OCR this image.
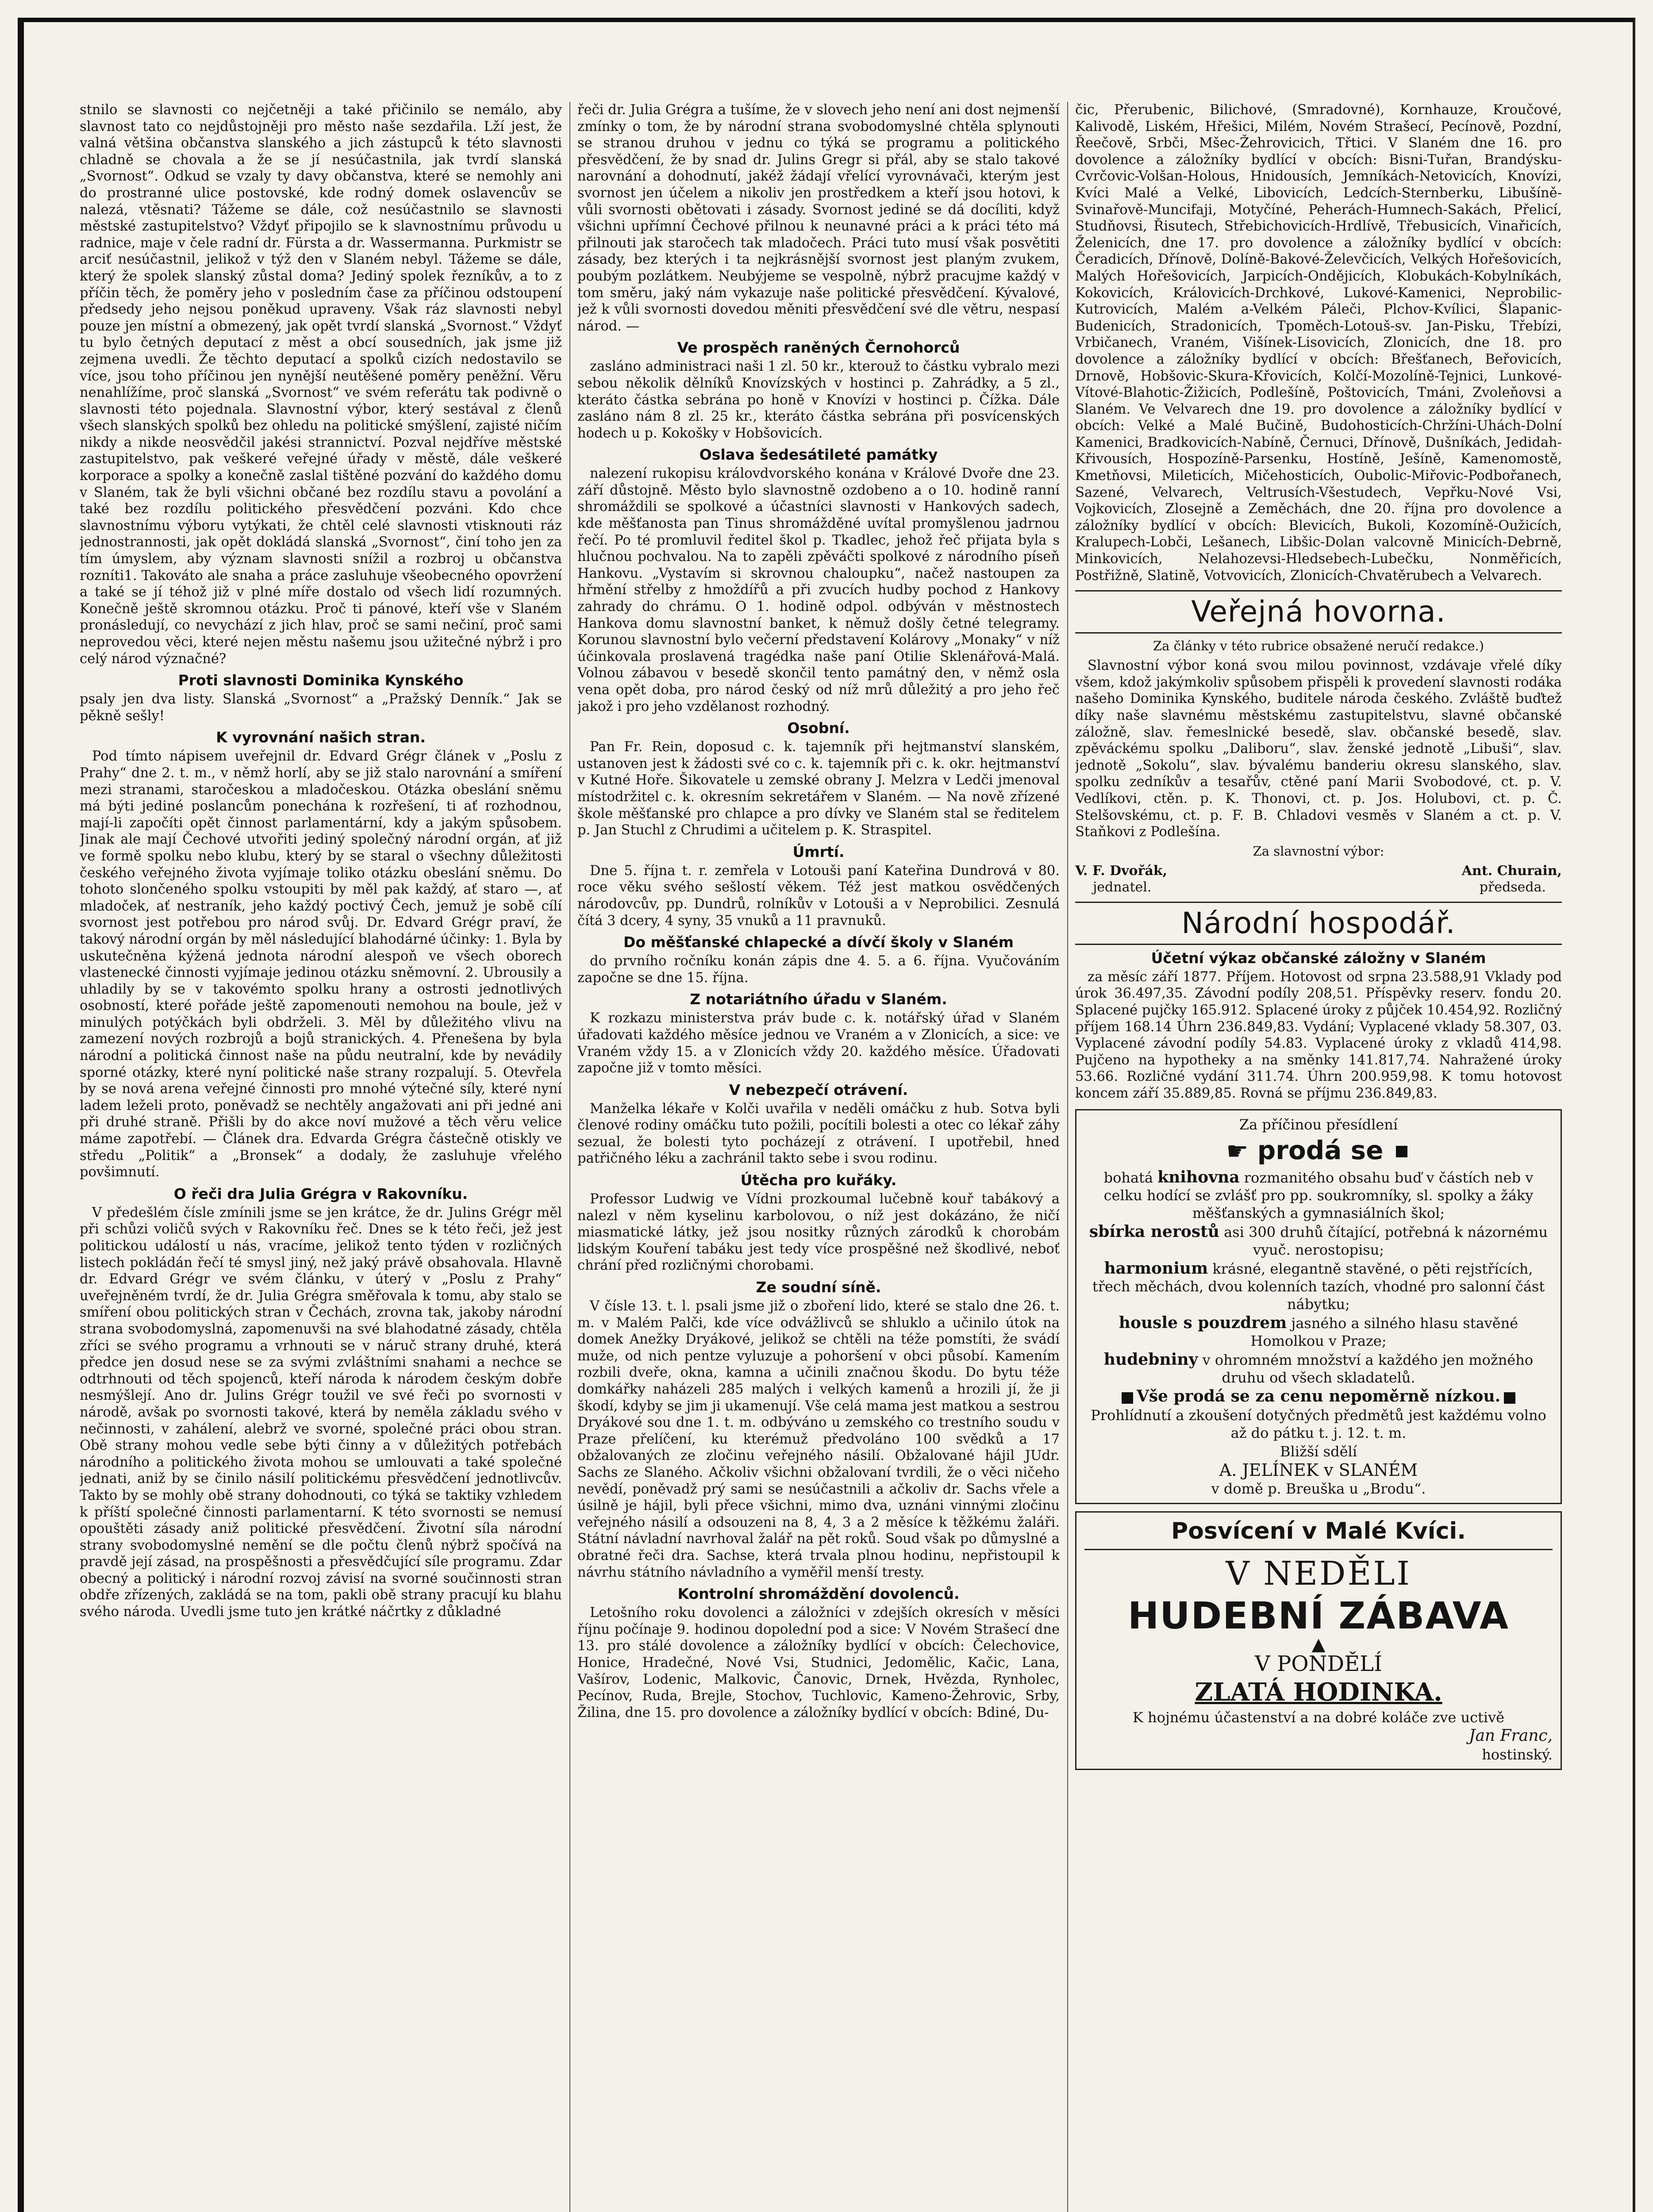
stnilo se slavnosti co nejčetněji a také přičinilo se nemálo, aby slavnost tato co nejdůstojněji pro město naše sezdařila. Lží jest, že valná většina občanstva slanského a jich zástupců k této slavnosti chladně se chovala a že se jí nesúčastnila, jak tvrdí slanská „Svornost“. Odkud se vzaly ty davy občanstva, které se nemohly ani do prostranné ulice postovské, kde rodný domek oslavencův se nalezá, vtěsnati? Tážeme se dále, což nesúčastnilo se slavnosti městské zastupitelstvo? Vždyť připojilo se k slavnostnímu průvodu u radnice, maje v čele radní dr. Fürsta a dr. Wassermanna. Purkmistr se arciť nesúčastnil, jelikož v týž den v Slaném nebyl. Tážeme se dále, který že spolek slanský zůstal doma? Jediný spolek řezníkův, a to z příčin těch, že poměry jeho v posledním čase za příčinou odstoupení předsedy jeho nejsou poněkud upraveny. Však ráz slavnosti nebyl pouze jen místní a obmezený, jak opět tvrdí slanská „Svornost.“ Vždyť tu bylo četných deputací z měst a obcí sousedních, jak jsme již zejmena uvedli. Že těchto deputací a spolků cizích nedostavilo se více, jsou toho příčinou jen nynější neutěšené poměry peněžní. Věru nenahlížíme, proč slanská „Svornost“ ve svém referátu tak podivně o slavnosti této pojednala. Slavnostní výbor, který sestával z členů všech slanských spolků bez ohledu na politické smýšlení, zajisté ničím nikdy a nikde neosvědčil jakési strannictví. Pozval nejdříve městské zastupitelstvo, pak veškeré veřejné úřady v městě, dále veškeré korporace a spolky a konečně zaslal tištěné pozvání do každého domu v Slaném, tak že byli všichni občané bez rozdílu stavu a povolání a také bez rozdílu politického přesvědčení pozváni. Kdo chce slavnostnímu výboru vytýkati, že chtěl celé slavnosti vtisknouti ráz jednostrannosti, jak opět dokládá slanská „Svornost“, činí toho jen za tím úmyslem, aby význam slavnosti snížil a rozbroj u občanstva rozníti1. Takováto ale snaha a práce zasluhuje všeobecného opovržení a také se jí téhož již v plné míře dostalo od všech lidí rozumných. Konečně ještě skromnou otázku. Proč ti pánové, kteří vše v Slaném pronásledují, co nevychází z jich hlav, proč se sami nečiní, proč sami neprovedou věci, které nejen městu našemu jsou užitečné nýbrž i pro celý národ význačné?

Proti slavnosti Dominika Kynského

psaly jen dva listy. Slanská „Svornost“ a „Pražský Denník.“ Jak se pěkně sešly!

K vyrovnání našich stran.

Pod tímto nápisem uveřejnil dr. Edvard Grégr článek v „Poslu z Prahy“ dne 2. t. m., v němž horlí, aby se již stalo narovnání a smíření mezi stranami, staročeskou a mladočeskou. Otázka obeslání sněmu má býti jediné poslancům ponechána k rozřešení, ti ať rozhodnou, mají-li započíti opět činnost parlamentární, kdy a jakým spůsobem. Jinak ale mají Čechové utvořiti jediný společný národní orgán, ať již ve formě spolku nebo klubu, který by se staral o všechny důležitosti českého veřejného života vyjímaje toliko otázku obeslání sněmu. Do tohoto slončeného spolku vstoupiti by měl pak každý, ať staro —, ať mladoček, ať nestraník, jeho každý poctivý Čech, jemuž je sobě cílí svornost jest potřebou pro národ svůj. Dr. Edvard Grégr praví, že takový národní orgán by měl následující blahodárné účinky: 1. Byla by uskutečněna kýžená jednota národní alespoň ve všech oborech vlastenecké činnosti vyjímaje jedinou otázku sněmovní. 2. Ubrousily a uhladily by se v takovémto spolku hrany a ostrosti jednotlivých osobností, které pořáde ještě zapomenouti nemohou na boule, jež v minulých potýčkách byli obdrželi. 3. Měl by důležitého vlivu na zamezení nových rozbrojů a bojů stranických. 4. Přenešena by byla národní a politická činnost naše na půdu neutralní, kde by nevádily sporné otázky, které nyní politické naše strany rozpalují. 5. Otevřela by se nová arena veřejné činnosti pro mnohé výtečné síly, které nyní ladem leželi proto, poněvadž se nechtěly angažovati ani při jedné ani při druhé straně. Přišli by do akce noví mužové a těch věru velice máme zapotřebí. — Článek dra. Edvarda Grégra částečně otiskly ve středu „Politik“ a „Bronsek“ a dodaly, že zasluhuje vřelého povšimnutí.

O řeči dra Julia Grégra v Rakovníku.

V předešlém čísle zmínili jsme se jen krátce, že dr. Julins Grégr měl při schůzi voličů svých v Rakovníku řeč. Dnes se k této řeči, jež jest politickou událostí u nás, vracíme, jelikož tento týden v rozličných listech pokládán řečí té smysl jiný, než jaký právě obsahovala. Hlavně dr. Edvard Grégr ve svém článku, v úterý v „Poslu z Prahy“ uveřejněném tvrdí, že dr. Julia Grégra směřovala k tomu, aby stalo se smíření obou politických stran v Čechách, zrovna tak, jakoby národní strana svobodomyslná, zapomenuvši na své blahodatné zásady, chtěla zříci se svého programu a vrhnouti se v náruč strany druhé, která předce jen dosud nese se za svými zvláštními snahami a nechce se odtrhnouti od těch spojenců, kteří národa k národem českým dobře nesmýšlejí. Ano dr. Julins Grégr toužil ve své řeči po svornosti v národě, avšak po svornosti takové, která by neměla základu svého v nečinnosti, v zahálení, alebrž ve svorné, společné práci obou stran. Obě strany mohou vedle sebe býti činny a v důležitých potřebách národního a politického života mohou se umlouvati a také společné jednati, aniž by se činilo násilí politickému přesvědčení jednotlivcův. Takto by se mohly obě strany dohodnouti, co týká se taktiky vzhledem k příští společné činnosti parlamentarní. K této svornosti se nemusí opouštěti zásady aniž politické přesvědčení. Životní síla národní strany svobodomyslné nemění se dle počtu členů nýbrž spočívá na pravdě její zásad, na prospěšnosti a přesvědčující síle programu. Zdar obecný a politický i národní rozvoj závisí na svorné součinnosti stran obdře zřízených, zakládá se na tom, pakli obě strany pracují ku blahu svého národa. Uvedli jsme tuto jen krátké náčrtky z důkladné

řeči dr. Julia Grégra a tušíme, že v slovech jeho není ani dost nejmenší zmínky o tom, že by národní strana svobodomyslné chtěla splynouti se stranou druhou v jednu co týká se programu a politického přesvědčení, že by snad dr. Julins Gregr si přál, aby se stalo takové narovnání a dohodnutí, jakéž žádají vřelící vyrovnávači, kterým jest svornost jen účelem a nikoliv jen prostředkem a kteří jsou hotovi, k vůli svornosti obětovati i zásady. Svornost jediné se dá docíliti, když všichni upřímní Čechové přilnou k neunavné práci a k práci této má přilnouti jak staročech tak mladočech. Práci tuto musí však posvětiti zásady, bez kterých i ta nejkrásnější svornost jest planým zvukem, poubým pozlátkem. Neubýjeme se vespolně, nýbrž pracujme každý v tom směru, jaký nám vykazuje naše politické přesvědčení. Kývalové, jež k vůli svornosti dovedou měniti přesvědčení své dle větru, nespasí národ. —

Ve prospěch raněných Černohorců

zasláno administraci naši 1 zl. 50 kr., kterouž to částku vybralo mezi sebou několik dělníků Knovízských v hostinci p. Zahrádky, a 5 zl., kteráto částka sebrána po honě v Knovízi v hostinci p. Čížka. Dále zasláno nám 8 zl. 25 kr., kteráto částka sebrána při posvícenských hodech u p. Kokošky v Hobšovicích.

Oslava šedesátileté památky

nalezení rukopisu královdvorského konána v Králové Dvoře dne 23. září důstojně. Město bylo slavnostně ozdobeno a o 10. hodině ranní shromáždili se spolkové a účastníci slavnosti v Hankových sadech, kde měšťanosta pan Tinus shromážděné uvítal promyšlenou jadrnou řečí. Po té promluvil ředitel škol p. Tkadlec, jehož řeč přijata byla s hlučnou pochvalou. Na to zapěli zpěváčti spolkové z národního píseň Hankovu. „Vystavím si skrovnou chaloupku“, načež nastoupen za hřmění střelby z hmoždířů a při zvucích hudby pochod z Hankovy zahrady do chrámu. O 1. hodině odpol. odbýván v městnostech Hankova domu slavnostní banket, k němuž došly četné telegramy. Korunou slavnostní bylo večerní představení Kolárovy „Monaky“ v níž účinkovala proslavená tragédka naše paní Otilie Sklenářová-Malá. Volnou zábavou v besedě skončil tento památný den, v němž osla vena opět doba, pro národ český od níž mrů důležitý a pro jeho řeč jakož i pro jeho vzdělanost rozhodný.

Osobní.

Pan Fr. Rein, doposud c. k. tajemník při hejtmanství slanském, ustanoven jest k žádosti své co c. k. tajemník při c. k. okr. hejtmanství v Kutné Hoře. Šikovatele u zemské obrany J. Melzra v Ledči jmenoval místodržitel c. k. okresním sekretářem v Slaném. — Na nově zřízené škole měšťanské pro chlapce a pro dívky ve Slaném stal se ředitelem p. Jan Stuchl z Chrudimi a učitelem p. K. Straspitel.

Úmrtí.

Dne 5. října t. r. zemřela v Lotouši paní Kateřina Dundrová v 80. roce věku svého sešlostí věkem. Též jest matkou osvědčených národovcův, pp. Dundrů, rolníkův v Lotouši a v Neprobilici. Zesnulá čítá 3 dcery, 4 syny, 35 vnuků a 11 pravnuků.

Do měšťanské chlapecké a dívčí školy v Slaném

do prvního ročníku konán zápis dne 4. 5. a 6. října. Vyučováním započne se dne 15. října.

Z notariátního úřadu v Slaném.

K rozkazu ministerstva práv bude c. k. notářský úřad v Slaném úřadovati každého měsíce jednou ve Vraném a v Zlonicích, a sice: ve Vraném vždy 15. a v Zlonicích vždy 20. každého měsíce. Úřadovati započne již v tomto měsíci.

V nebezpečí otrávení.

Manželka lékaře v Kolči uvařila v neděli omáčku z hub. Sotva byli členové rodiny omáčku tuto požili, pocítili bolesti a otec co lékař záhy sezual, že bolesti tyto pocházejí z otrávení. I upotřebil, hned patřičného léku a zachránil takto sebe i svou rodinu.

Útěcha pro kuřáky.

Professor Ludwig ve Vídni prozkoumal lučebně kouř tabákový a nalezl v něm kyselinu karbolovou, o níž jest dokázáno, že ničí miasmatické látky, jež jsou nositky různých zárodků k chorobám lidským Kouření tabáku jest tedy více prospěšné než škodlivé, neboť chrání před rozličnými chorobami.

Ze soudní síně.

V čísle 13. t. l. psali jsme již o zboření lido, které se stalo dne 26. t. m. v Malém Palči, kde více odvážlivců se shluklo a učinilo útok na domek Anežky Dryákové, jelikož se chtěli na téže pomstíti, že svádí muže, od nich pentze vyluzuje a pohoršení v obci působí. Kamením rozbili dveře, okna, kamna a učinili značnou škodu. Do bytu téže domkářky naházeli 285 malých i velkých kamenů a hrozili jí, že ji škodí, kdyby se jim ji ukamenují. Vše celá mama jest matkou a sestrou Dryákové sou dne 1. t. m. odbýváno u zemského co trestního soudu v Praze přelíčení, ku kterémuž předvoláno 100 svědků a 17 obžalovaných ze zločinu veřejného násilí. Obžalované hájil JUdr. Sachs ze Slaného. Ačkoliv všichni obžalovaní tvrdili, že o věci ničeho nevědí, poněvadž prý sami se nesúčastnili a ačkoliv dr. Sachs vřele a úsilně je hájil, byli přece všichni, mimo dva, uznáni vinnými zločinu veřejného násilí a odsouzeni na 8, 4, 3 a 2 měsíce k těžkému žaláři. Státní návladní navrhoval žalář na pět roků. Soud však po důmyslné a obratné řeči dra. Sachse, která trvala plnou hodinu, nepřistoupil k návrhu státního návladního a vyměřil menší tresty.

Kontrolní shromáždění dovolenců.

Letošního roku dovolenci a záložníci v zdejších okresích v měsíci říjnu počínaje 9. hodinou dopolední pod a sice: V Novém Strašecí dne 13. pro stálé dovolence a záložníky bydlící v obcích: Čelechovice, Honice, Hradečné, Nové Vsi, Studnici, Jedomělic, Kačic, Lana, Vašírov, Lodenic, Malkovic, Čanovic, Drnek, Hvězda, Rynholec, Pecínov, Ruda, Brejle, Stochov, Tuchlovic, Kameno-Žehrovic, Srby, Žilina, dne 15. pro dovolence a záložníky bydlící v obcích: Bdiné, Du-

čic, Přerubenic, Bilichové, (Smradovné), Kornhauze, Kroučové, Kalivodě, Liském, Hřešici, Milém, Novém Strašecí, Pecínově, Pozdní, Řeečově, Srbči, Mšec-Žehrovicich, Třtici. V Slaném dne 16. pro dovolence a záložníky bydlící v obcích: Bisni-Tuřan, Brandýsku-Cvrčovic-Volšan-Holous, Hnidousích, Jemníkách-Netovicích, Knovízi, Kvíci Malé a Velké, Libovicích, Ledcích-Sternberku, Libušíně-Svinařově-Muncifaji, Motyčíné, Peherách-Humnech-Sakách, Přelicí, Studňovsi, Řisutech, Střebichovicích-Hrdlívě, Třebusicích, Vinařicích, Želenicích, dne 17. pro dovolence a záložníky bydlící v obcích: Čeradicích, Dřínově, Dolíně-Bakové-Želevčicích, Velkých Hořešovicích, Malých Hořešovicích, Jarpicích-Ondějicích, Klobukách-Kobylníkách, Kokovicích, Královicích-Drchkové, Lukové-Kamenici, Neprobilic-Kutrovicích, Malém a-Velkém Páleči, Plchov-Kvílici, Šlapanic-Budenicích, Stradonicích, Tpoměch-Lotouš-sv. Jan-Pisku, Třebízi, Vrbičanech, Vraném, Višínek-Lisovicích, Zlonicích, dne 18. pro dovolence a záložníky bydlící v obcích: Břešťanech, Beřovicích, Drnově, Hobšovic-Skura-Křovicích, Kolčí-Mozolíně-Tejnici, Lunkové-Vítové-Blahotic-Žižicích, Podlešíně, Poštovicích, Tmáni, Zvoleňovsi a Slaném. Ve Velvarech dne 19. pro dovolence a záložníky bydlící v obcích: Velké a Malé Bučině, Budohosticích-Chržíni-Uhách-Dolní Kamenici, Bradkovicích-Nabíně, Černuci, Dřínově, Dušníkách, Jedidah-Křivousích, Hospozíně-Parsenku, Hostíně, Ješíně, Kamenomostě, Kmetňovsi, Mileticích, Mičehosticích, Oubolic-Miřovic-Podbořanech, Sazené, Velvarech, Veltrusích-Všestudech, Vepřku-Nové Vsi, Vojkovicích, Zlosejně a Zeměchách, dne 20. října pro dovolence a záložníky bydlící v obcích: Blevicích, Bukoli, Kozomíně-Oužicích, Kralupech-Lobči, Lešanech, Libšic-Dolan valcovně Minicích-Debrně, Minkovicích, Nelahozevsi-Hledsebech-Lubečku, Nonměřicích, Postřižně, Slatině, Votvovicích, Zlonicích-Chvatěrubech a Velvarech.

Veřejná hovorna.
Za články v této rubrice obsažené neručí redakce.)

Slavnostní výbor koná svou milou povinnost, vzdávaje vřelé díky všem, kdož jakýmkoliv spůsobem přispěli k provedení slavnosti rodáka našeho Dominika Kynského, buditele národa českého. Zvláště buďtež díky naše slavnému městskému zastupitelstvu, slavné občanské záložně, slav. řemeslnické besedě, slav. občanské besedě, slav. zpěváckému spolku „Daliboru“, slav. ženské jednotě „Libuši“, slav. jednotě „Sokolu“, slav. bývalému banderiu okresu slanského, slav. spolku zedníkův a tesařův, ctěné paní Marii Svobodové, ct. p. V. Vedlíkovi, ctěn. p. K. Thonovi, ct. p. Jos. Holubovi, ct. p. Č. Stelšovskému, ct. p. F. B. Chladovi vesměs v Slaném a ct. p. V. Staňkovi z Podlešína.

Za slavnostní výbor:
V. F. Dvořák,
jednatel.
Ant. Churain,
předseda.
Národní hospodář.
Účetní výkaz občanské záložny v Slaném

za měsíc září 1877. Příjem. Hotovost od srpna 23.588,91 Vklady pod úrok 36.497,35. Závodní podíly 208,51. Příspěvky reserv. fondu 20. Splacené pujčky 165.912. Splacené úroky z půjček 10.454,92. Rozličný příjem 168.14 Úhrn 236.849,83. Vydání; Vyplacené vklady 58.307, 03. Vyplacené závodní podíly 54.83. Vyplacené úroky z vkladů 414,98. Pujčeno na hypotheky a na směnky 141.817,74. Nahražené úroky 53.66. Rozličné vydání 311.74. Úhrn 200.959,98. K tomu hotovost koncem září 35.889,85. Rovná se příjmu 236.849,83.

Za příčinou přesídlení
☛ prodá se
bohatá knihovna rozmanitého obsahu buď v částích neb v celku hodící se zvlášť pro pp. soukromníky, sl. spolky a žáky měšťanských a gymnasiálních škol;
sbírka nerostů asi 300 druhů čítající, potřebná k názornému vyuč. nerostopisu;
harmonium krásné, elegantně stavěné, o pěti rejstřících, třech měchách, dvou kolenních tazích, vhodné pro salonní část nábytku;
housle s pouzdrem jasného a silného hlasu stavěné Homolkou v Praze;
hudebniny v ohromném množství a každého jen možného druhu od všech skladatelů.
Vše prodá se za cenu nepoměrně nízkou.
Prohlídnutí a zkoušení dotyčných předmětů jest každému volno až do pátku t. j. 12. t. m.
Bližší sdělí
A. JELÍNEK v SLANÉM
v domě p. Breuška u „Brodu“.
Posvícení v Malé Kvíci.
V NEDĚLI
HUDEBNÍ ZÁBAVA
▲
V PONDĚLÍ
ZLATÁ HODINKA.
K hojnému účastenství a na dobré koláče zve uctivě
Jan Franc,
hostinský.
